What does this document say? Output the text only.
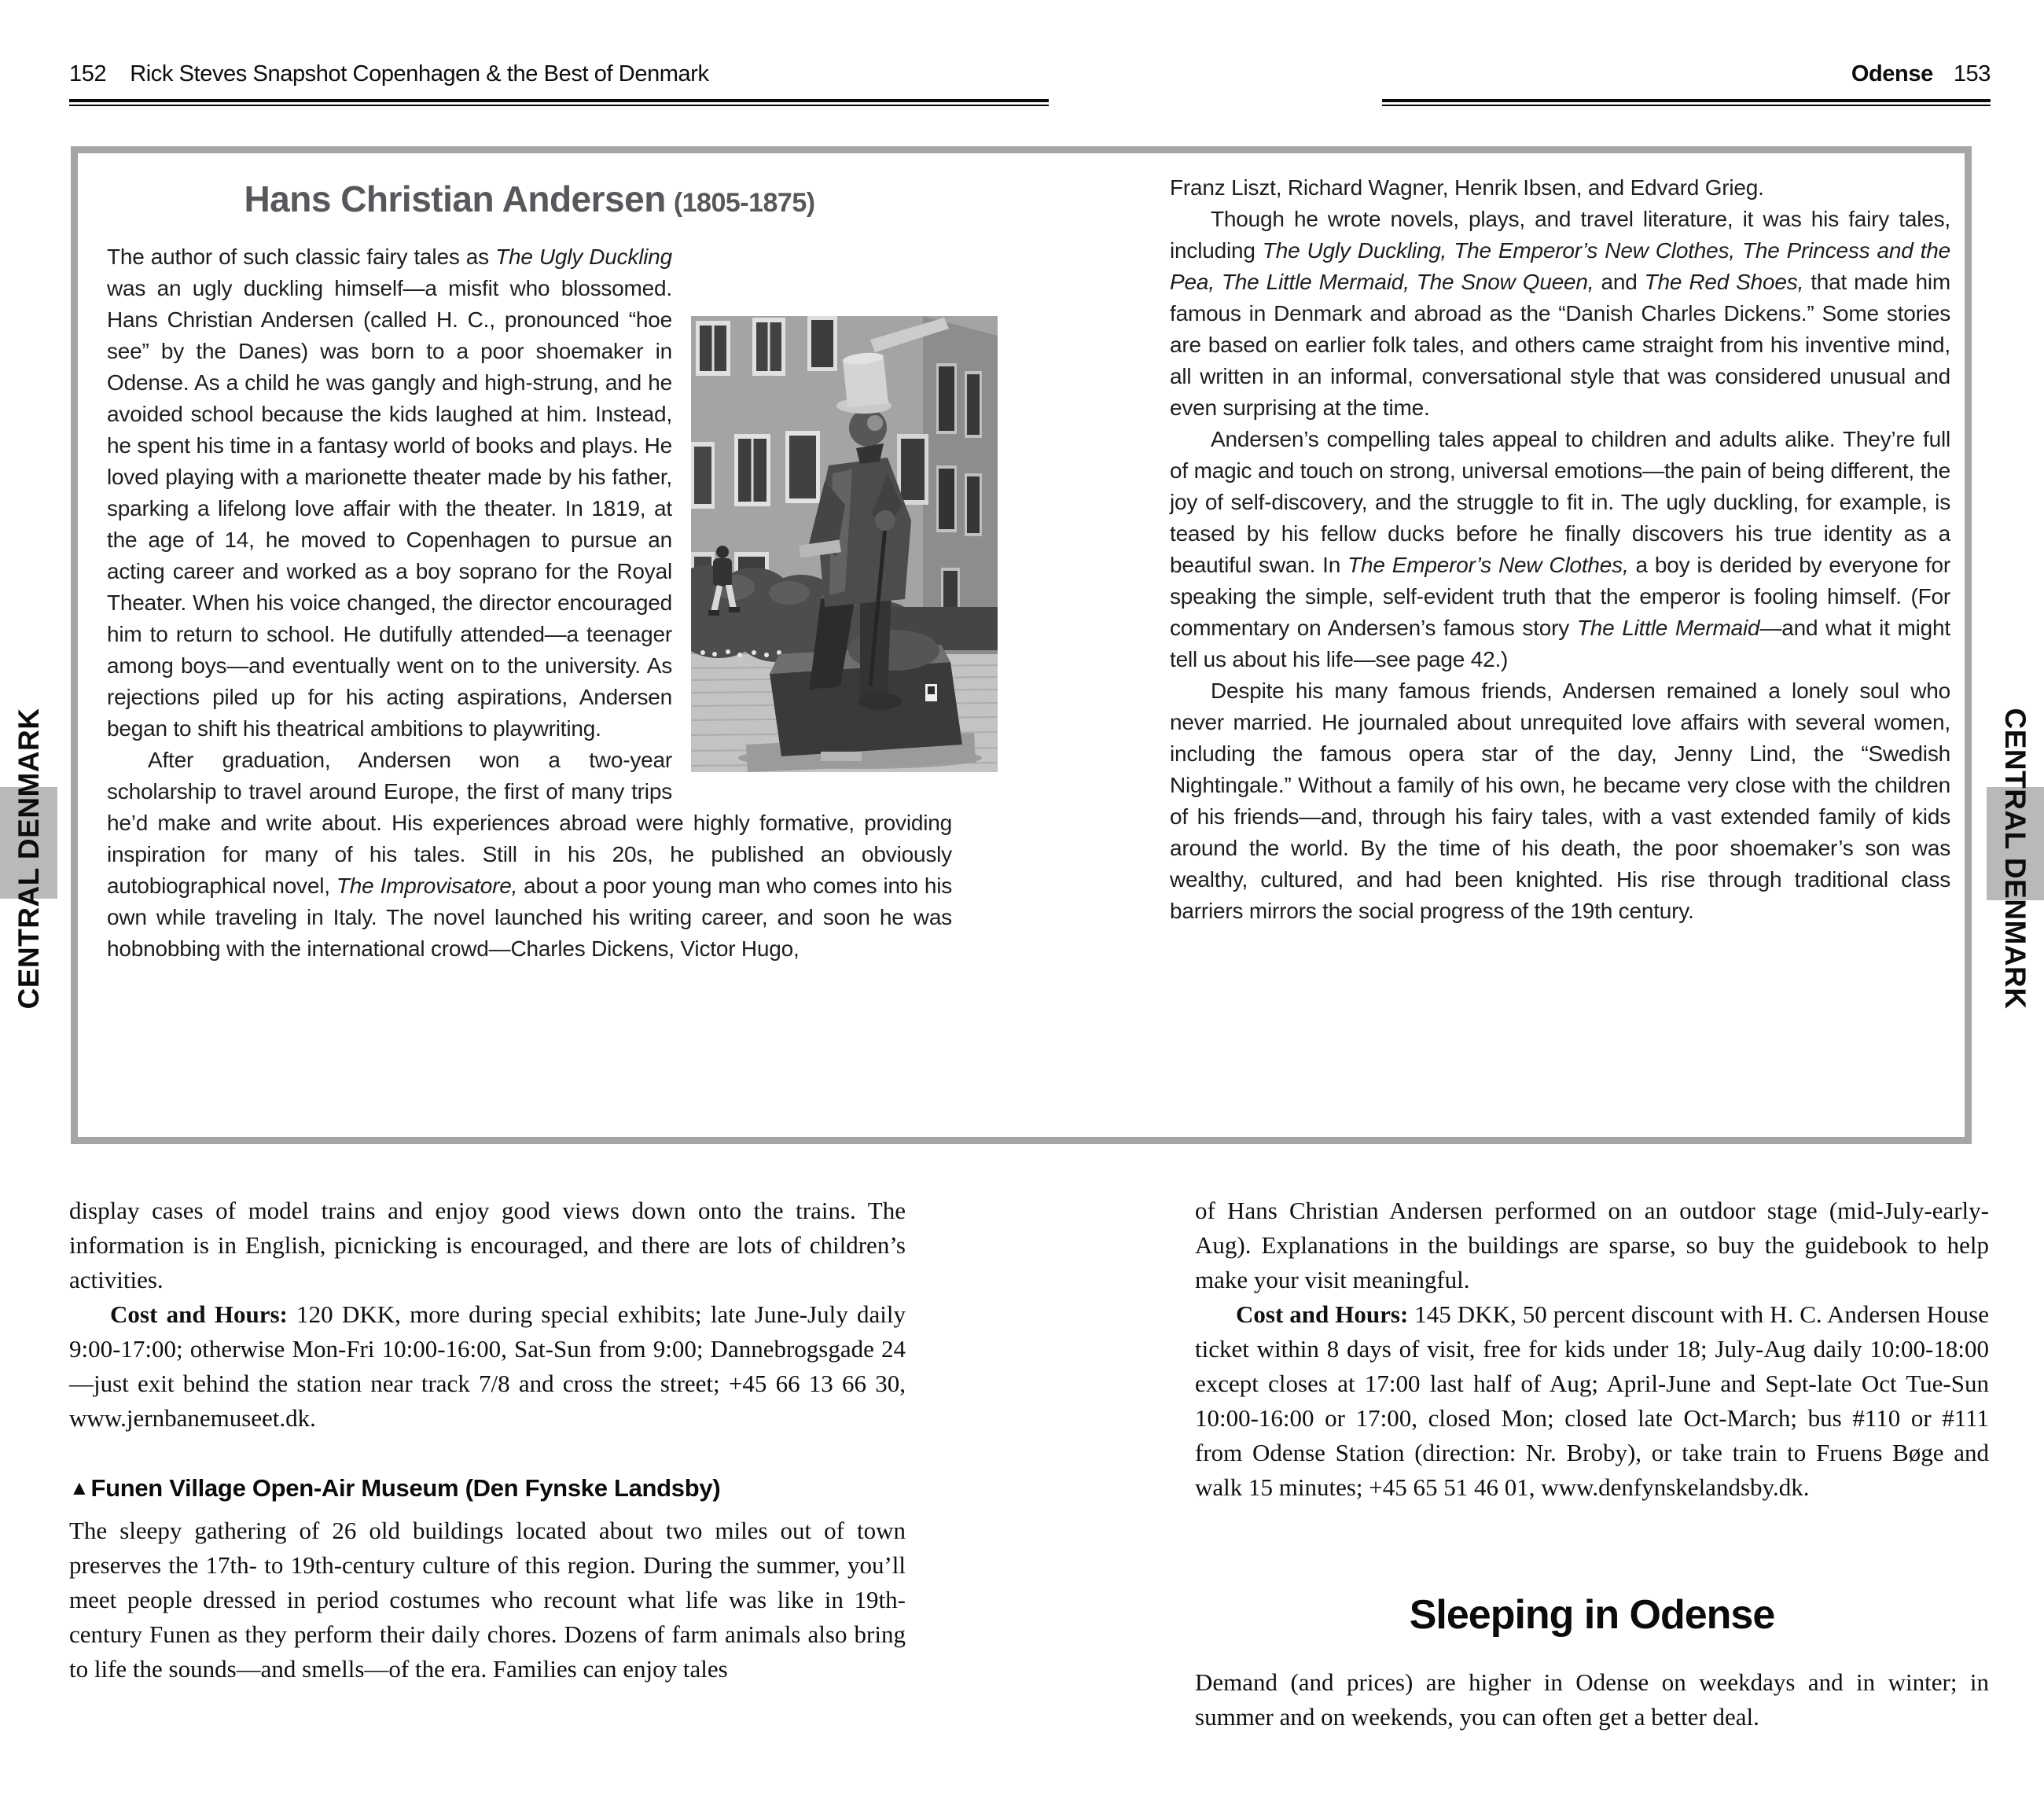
152 Rick Steves Snapshot Copenhagen & the Best of Denmark	Odense 153
CENTRAL DENMARK	CENTRAL DENMARK
Hans Christian Andersen (1805-1875)

The author of such classic fairy tales as The Ugly Duckling was an ugly duckling himself—a misfit who blossomed. Hans Christian Andersen (called H. C., pronounced “hoe see” by the Danes) was born to a poor shoemaker in Odense. As a child he was gangly and high-strung, and he avoided school because the kids laughed at him. Instead, he spent his time in a fantasy world of books and plays. He loved playing with a marionette theater made by his father, sparking a lifelong love affair with the theater. In 1819, at the age of 14, he moved to Copenhagen to pursue an acting career and worked as a boy soprano for the Royal Theater. When his voice changed, the director encouraged him to return to school. He dutifully attended—a teenager among boys—and eventually went on to the university. As rejections piled up for his acting aspirations, Andersen began to shift his theatrical ambitions to playwriting.

After graduation, Andersen won a two-year scholarship to travel around Europe, the first of many trips he’d make and write about. His experiences abroad were highly formative, providing inspiration for many of his tales. Still in his 20s, he published an obviously autobiographical novel, The Improvisatore, about a poor young man who comes into his own while traveling in Italy. The novel launched his writing career, and soon he was hobnobbing with the international crowd—Charles Dickens, Victor Hugo,

Franz Liszt, Richard Wagner, Henrik Ibsen, and Edvard Grieg.

Though he wrote novels, plays, and travel literature, it was his fairy tales, including The Ugly Duckling, The Emperor’s New Clothes, The Princess and the Pea, The Little Mermaid, The Snow Queen, and The Red Shoes, that made him famous in Denmark and abroad as the “Danish Charles Dickens.” Some stories are based on earlier folk tales, and others came straight from his inventive mind, all written in an informal, conversational style that was considered unusual and even surprising at the time.

Andersen’s compelling tales appeal to children and adults alike. They’re full of magic and touch on strong, universal emotions—the pain of being different, the joy of self-discovery, and the struggle to fit in. The ugly duckling, for example, is teased by his fellow ducks before he finally discovers his true identity as a beautiful swan. In The Emperor’s New Clothes, a boy is derided by everyone for speaking the simple, self-evident truth that the emperor is fooling himself. (For commentary on Andersen’s famous story The Little Mermaid—and what it might tell us about his life—see page 42.)

Despite his many famous friends, Andersen remained a lonely soul who never married. He journaled about unrequited love affairs with several women, including the famous opera star of the day, Jenny Lind, the “Swedish Nightingale.” Without a family of his own, he became very close with the children of his friends—and, through his fairy tales, with a vast extended family of kids around the world. By the time of his death, the poor shoemaker’s son was wealthy, cultured, and had been knighted. His rise through traditional class barriers mirrors the social progress of the 19th century.

display cases of model trains and enjoy good views down onto the trains. The information is in English, picnicking is encouraged, and there are lots of children’s activities.

Cost and Hours: 120 DKK, more during special exhibits; late June-July daily 9:00-17:00; otherwise Mon-Fri 10:00-16:00, Sat-Sun from 9:00; Dannebrogsgade 24—just exit behind the station near track 7/8 and cross the street; +45 66 13 66 30, www.jernbanemuseet.dk.

▲Funen Village Open-Air Museum (Den Fynske Landsby)

The sleepy gathering of 26 old buildings located about two miles out of town preserves the 17th- to 19th-century culture of this region. During the summer, you’ll meet people dressed in period costumes who recount what life was like in 19th-century Funen as they perform their daily chores. Dozens of farm animals also bring to life the sounds—and smells—of the era. Families can enjoy tales

of Hans Christian Andersen performed on an outdoor stage (mid-July-early-Aug). Explanations in the buildings are sparse, so buy the guidebook to help make your visit meaningful.

Cost and Hours: 145 DKK, 50 percent discount with H. C. Andersen House ticket within 8 days of visit, free for kids under 18; July-Aug daily 10:00-18:00 except closes at 17:00 last half of Aug; April-June and Sept-late Oct Tue-Sun 10:00-16:00 or 17:00, closed Mon; closed late Oct-March; bus #110 or #111 from Odense Station (direction: Nr. Broby), or take train to Fruens Bøge and walk 15 minutes; +45 65 51 46 01, www.denfynskelandsby.dk.

Sleeping in Odense

Demand (and prices) are higher in Odense on weekdays and in winter; in summer and on weekends, you can often get a better deal.
